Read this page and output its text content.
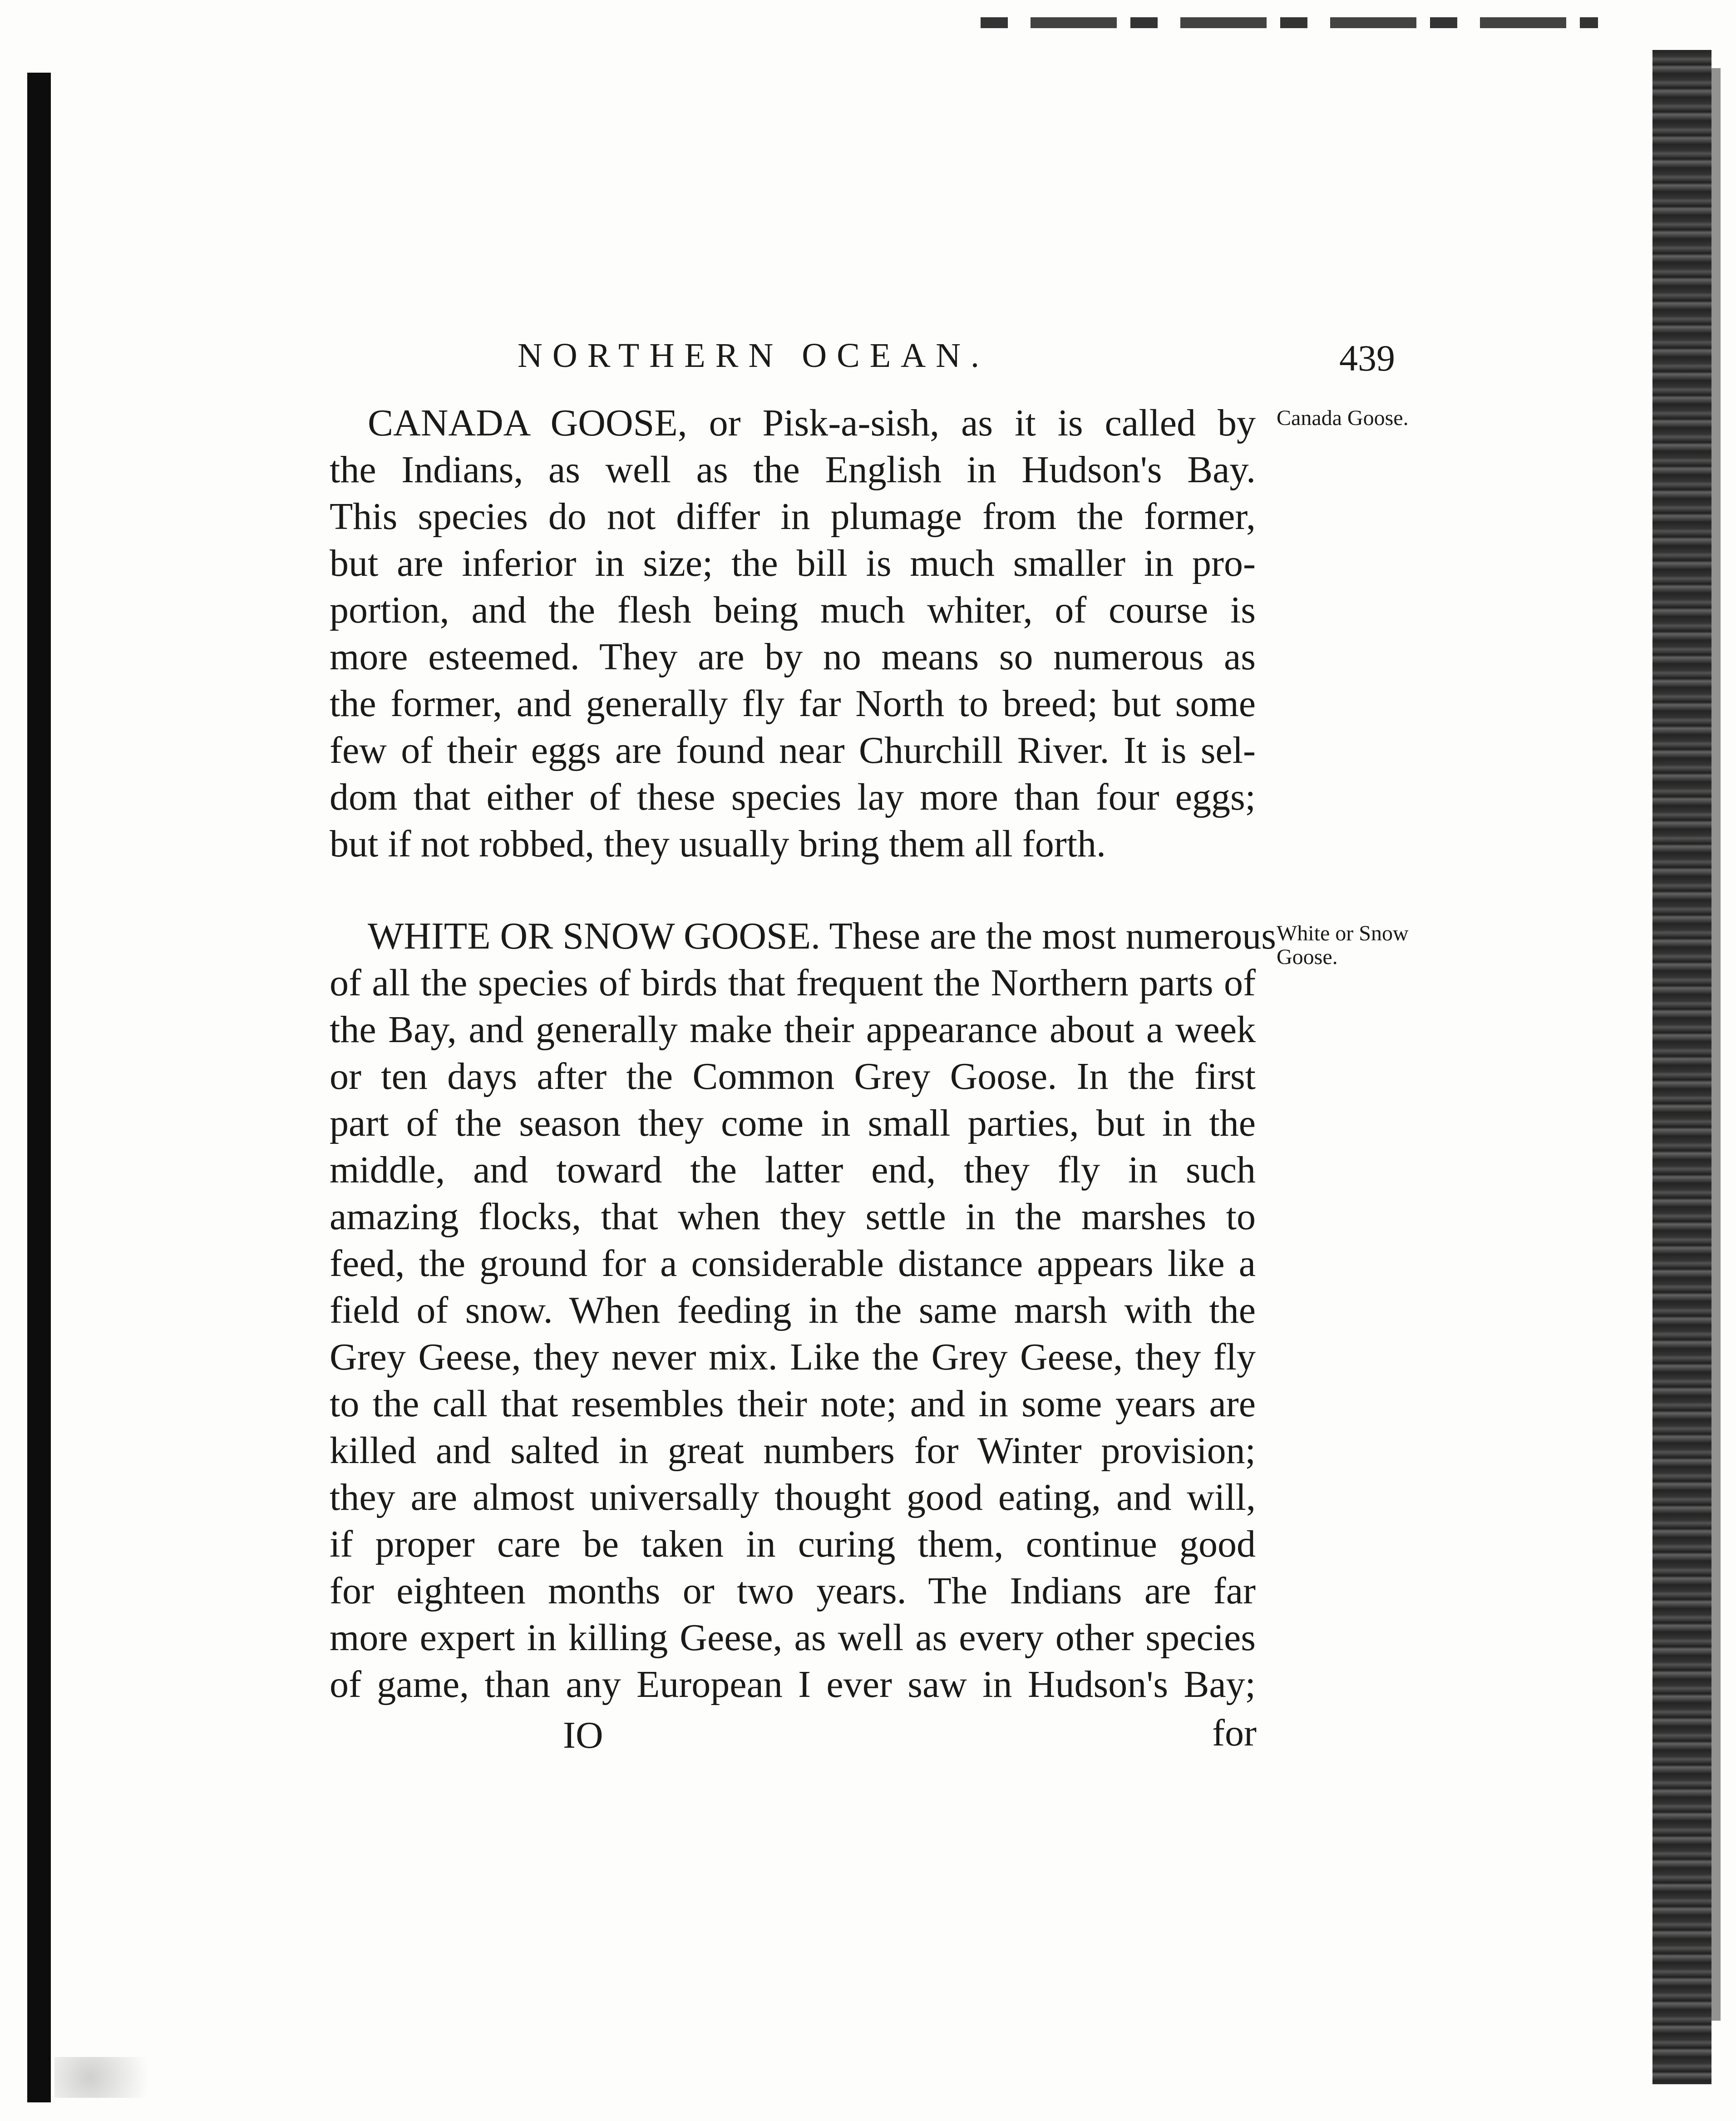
NORTHERN OCEAN.	439
CANADA GOOSE, or Pisk-a-sish, as it is called by
the Indians, as well as the English in Hudson's Bay.
This species do not differ in plumage from the former,
but are inferior in size; the bill is much smaller in pro-
portion, and the flesh being much whiter, of course is
more esteemed. They are by no means so numerous as
the former, and generally fly far North to breed; but some
few of their eggs are found near Churchill River. It is sel-
dom that either of these species lay more than four eggs;
but if not robbed, they usually bring them all forth.
Canada Goose.
WHITE OR SNOW GOOSE. These are the most numerous
of all the species of birds that frequent the Northern parts of
the Bay, and generally make their appearance about a week
or ten days after the Common Grey Goose. In the first
part of the season they come in small parties, but in the
middle, and toward the latter end, they fly in such
amazing flocks, that when they settle in the marshes to
feed, the ground for a considerable distance appears like a
field of snow. When feeding in the same marsh with the
Grey Geese, they never mix. Like the Grey Geese, they fly
to the call that resembles their note; and in some years are
killed and salted in great numbers for Winter provision;
they are almost universally thought good eating, and will,
if proper care be taken in curing them, continue good
for eighteen months or two years. The Indians are far
more expert in killing Geese, as well as every other species
of game, than any European I ever saw in Hudson's Bay;
White or Snow Goose.
IO	for
